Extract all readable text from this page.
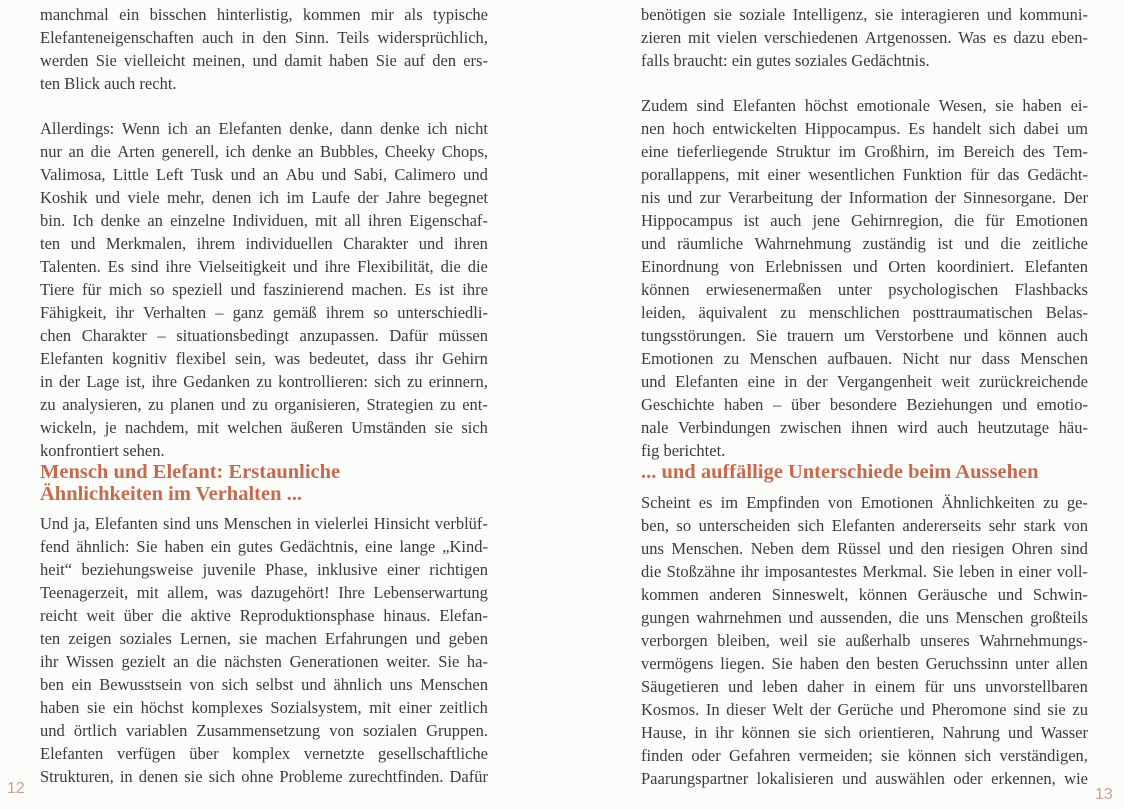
manchmal ein bisschen hinterlistig, kommen mir als typische
Elefanteneigenschaften auch in den Sinn. Teils widersprüchlich,
werden Sie vielleicht meinen, und damit haben Sie auf den ers-
ten Blick auch recht.
Allerdings: Wenn ich an Elefanten denke, dann denke ich nicht
nur an die Arten generell, ich denke an Bubbles, Cheeky Chops,
Valimosa, Little Left Tusk und an Abu und Sabi, Calimero und
Koshik und viele mehr, denen ich im Laufe der Jahre begegnet
bin. Ich denke an einzelne Individuen, mit all ihren Eigenschaf-
ten und Merkmalen, ihrem individuellen Charakter und ihren
Talenten. Es sind ihre Vielseitigkeit und ihre Flexibilität, die die
Tiere für mich so speziell und faszinierend machen. Es ist ihre
Fähigkeit, ihr Verhalten – ganz gemäß ihrem so unterschiedli-
chen Charakter – situationsbedingt anzupassen. Dafür müssen
Elefanten kognitiv flexibel sein, was bedeutet, dass ihr Gehirn
in der Lage ist, ihre Gedanken zu kontrollieren: sich zu erinnern,
zu analysieren, zu planen und zu organisieren, Strategien zu ent-
wickeln, je nachdem, mit welchen äußeren Umständen sie sich
konfrontiert sehen.
Mensch und Elefant: Erstaunliche
Ähnlichkeiten im Verhalten ...
Und ja, Elefanten sind uns Menschen in vielerlei Hinsicht verblüf-
fend ähnlich: Sie haben ein gutes Gedächtnis, eine lange „Kind-
heit“ beziehungsweise juvenile Phase, inklusive einer richtigen
Teenagerzeit, mit allem, was dazugehört! Ihre Lebenserwartung
reicht weit über die aktive Reproduktionsphase hinaus. Elefan-
ten zeigen soziales Lernen, sie machen Erfahrungen und geben
ihr Wissen gezielt an die nächsten Generationen weiter. Sie ha-
ben ein Bewusstsein von sich selbst und ähnlich uns Menschen
haben sie ein höchst komplexes Sozialsystem, mit einer zeitlich
und örtlich variablen Zusammensetzung von sozialen Gruppen.
Elefanten verfügen über komplex vernetzte gesellschaftliche
Strukturen, in denen sie sich ohne Probleme zurechtfinden. Dafür
benötigen sie soziale Intelligenz, sie interagieren und kommuni-
zieren mit vielen verschiedenen Artgenossen. Was es dazu eben-
falls braucht: ein gutes soziales Gedächtnis.
Zudem sind Elefanten höchst emotionale Wesen, sie haben ei-
nen hoch entwickelten Hippocampus. Es handelt sich dabei um
eine tieferliegende Struktur im Großhirn, im Bereich des Tem-
porallappens, mit einer wesentlichen Funktion für das Gedächt-
nis und zur Verarbeitung der Information der Sinnesorgane. Der
Hippocampus ist auch jene Gehirnregion, die für Emotionen
und räumliche Wahrnehmung zuständig ist und die zeitliche
Einordnung von Erlebnissen und Orten koordiniert. Elefanten
können erwiesenermaßen unter psychologischen Flashbacks
leiden, äquivalent zu menschlichen posttraumatischen Belas-
tungsstörungen. Sie trauern um Verstorbene und können auch
Emotionen zu Menschen aufbauen. Nicht nur dass Menschen
und Elefanten eine in der Vergangenheit weit zurückreichende
Geschichte haben – über besondere Beziehungen und emotio-
nale Verbindungen zwischen ihnen wird auch heutzutage häu-
fig berichtet.
... und auffällige Unterschiede beim Aussehen
Scheint es im Empfinden von Emotionen Ähnlichkeiten zu ge-
ben, so unterscheiden sich Elefanten andererseits sehr stark von
uns Menschen. Neben dem Rüssel und den riesigen Ohren sind
die Stoßzähne ihr imposantestes Merkmal. Sie leben in einer voll-
kommen anderen Sinneswelt, können Geräusche und Schwin-
gungen wahrnehmen und aussenden, die uns Menschen großteils
verborgen bleiben, weil sie außerhalb unseres Wahrnehmungs-
vermögens liegen. Sie haben den besten Geruchssinn unter allen
Säugetieren und leben daher in einem für uns unvorstellbaren
Kosmos. In dieser Welt der Gerüche und Pheromone sind sie zu
Hause, in ihr können sie sich orientieren, Nahrung und Wasser
finden oder Gefahren vermeiden; sie können sich verständigen,
Paarungspartner lokalisieren und auswählen oder erkennen, wie
12	13
